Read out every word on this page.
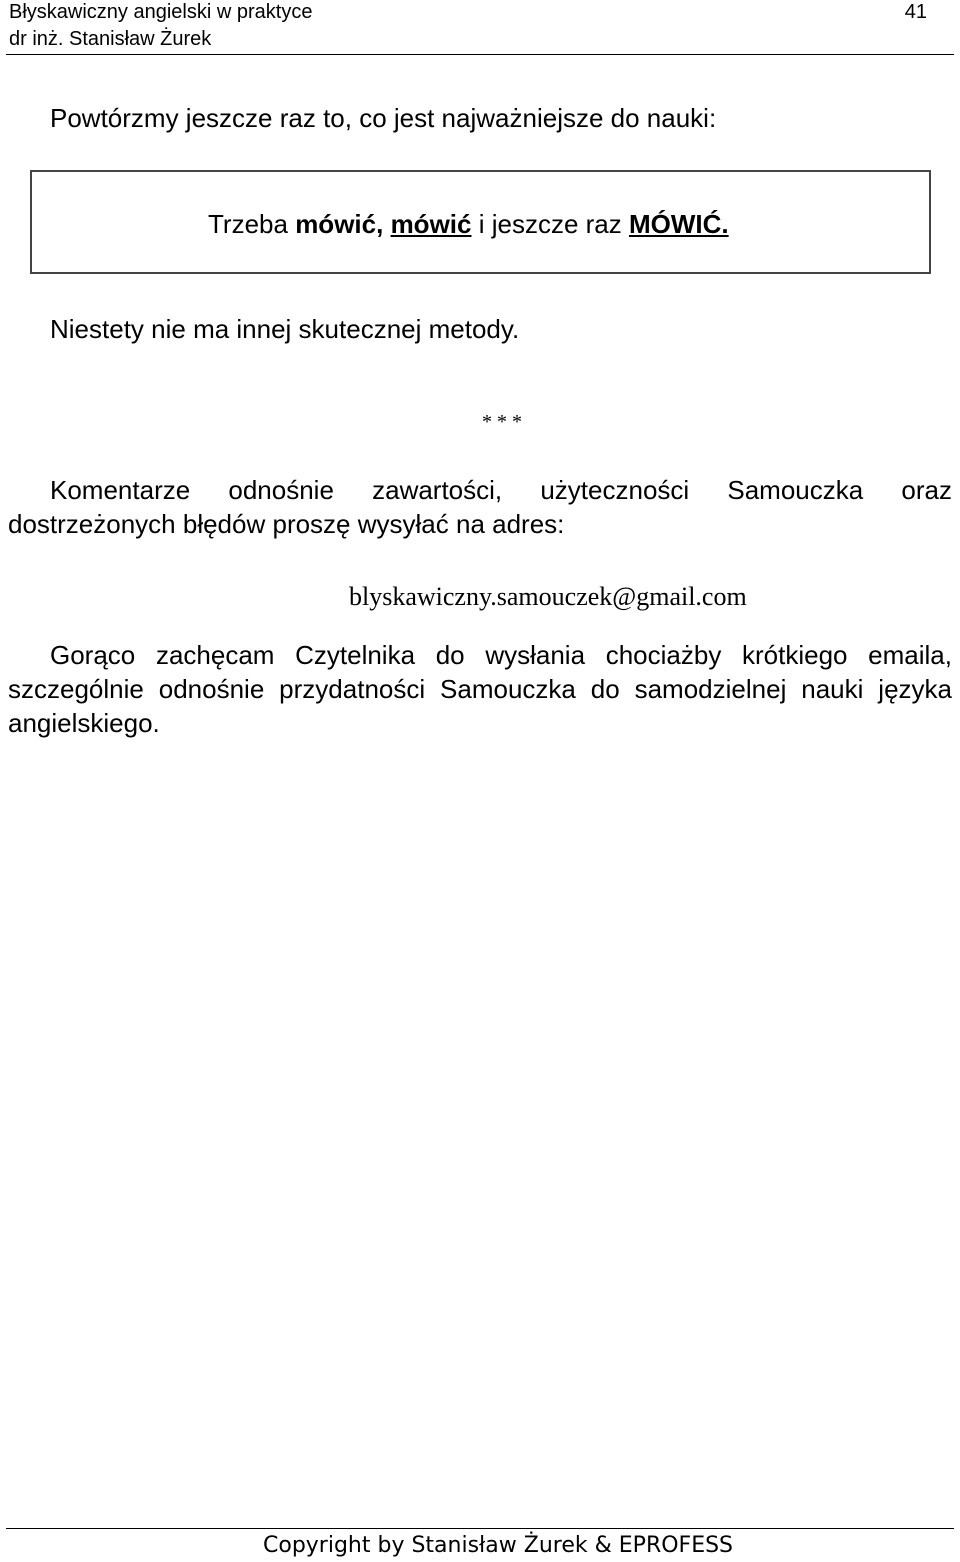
Błyskawiczny angielski w praktyce
dr inż. Stanisław Żurek
41
Powtórzmy jeszcze raz to, co jest najważniejsze do nauki:
Trzeba mówić, mówić i jeszcze raz MÓWIĆ.
Niestety nie ma innej skutecznej metody.
* * *
Komentarze odnośnie zawartości, użyteczności Samouczka oraz dostrzeżonych błędów proszę wysyłać na adres:
blyskawiczny.samouczek@gmail.com
Gorąco zachęcam Czytelnika do wysłania chociażby krótkiego emaila, szczególnie odnośnie przydatności Samouczka do samodzielnej nauki języka angielskiego.
Copyright by Stanisław Żurek & EPROFESS
